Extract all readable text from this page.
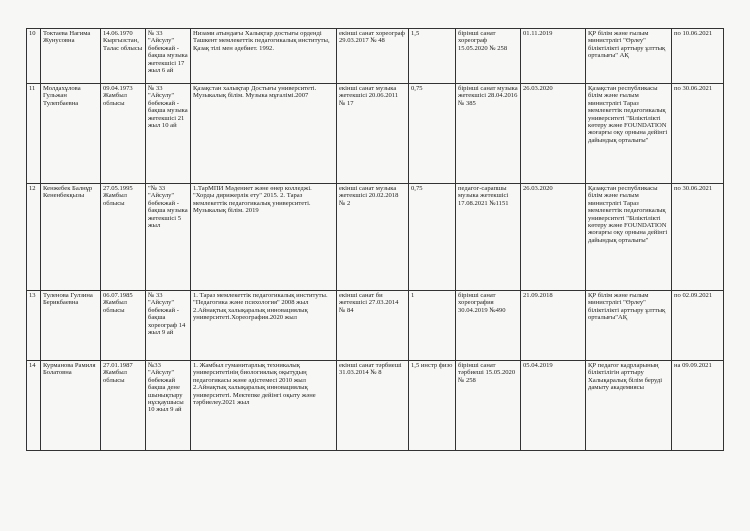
10	Токтаева Нагима Жунусовна	14.06.1970 Кыргызстан, Талас облысы	№ 33 "Айсулу" бөбекжай - бақша музыка жетекшісі 17 жыл 6 ай	Низами атындағы Халықтар достығы орденді Ташкент мемлекеттік педагогикалық институты, Қазақ тілі мен әдебиет. 1992.	екінші санат хореограф 29.03.2017 № 48	1,5	бірінші санат хореограф 15.05.2020 № 258	01.11.2019	ҚР білім және ғылым министрлігі "Өрлеу" біліктілікті арттыру ұлттық орталығы" АҚ	по 10.06.2021
11	Молдахұлова Гульжан Тулепбаевна	09.04.1973 Жамбыл облысы	№ 33 "Айсулу" бөбекжай - бақша музыка жетекшісі 21 жыл 10 ай	Қазақстан халықтар Достығы университеті. Музыкалық білім. Музыка мұғалімі.2007	екінші санат музыка жетекшісі 20.06.2011 № 17	0,75	бірінші санат музыка жетекшісі 28.04.2016 № 385	26.03.2020	Қазақстан республикасы білім және ғылым министрлігі Тараз мемлекеттік педагогикалық университеті "Біліктілікті көтеру және FOUNDATION жоғарғы оқу орнына дейінгі дайындық орталығы"	по 30.06.2021
12	Кенжебек Балнұр Кененбекқызы	27.05.1995 Жамбыл облысы	"№ 33 "Айсулу" бөбекжай - бақша музыка жетекшісі 5 жыл	1.ТарМПИ Мәдениет және өнер колледжі. "Хорды дирижерлік ету" 2015. 2. Тараз мемлекеттік педагогикалық университеті. Музыкалық білім. 2019	екінші санат музыка жетекшісі 20.02.2018 № 2	0,75	педагог-сарапшы музыка жетекшісі 17.08.2021 №1151	26.03.2020	Қазақстан республикасы білім және ғылым министрлігі Тараз мемлекеттік педагогикалық университеті "Біліктілікті көтеру және FOUNDATION жоғарғы оқу орнына дейінгі дайындық орталығы"	по 30.06.2021
13	Туленова Гулзина Берикбаевна	06.07.1985 Жамбыл облысы	№ 33 "Айсулу" бөбекжай - бақша хореограф 14 жыл 9 ай	1. Тараз мемлекеттік педагогикалық институты. "Педагогика және психология" 2008 жыл 2.Айнақтық халықаралық инновациялық университеті.Хореография.2020 жыл	екінші санат би жетекшісі 27.03.2014 № 84	1	бірінші санат хореография 30.04.2019 №490	21.09.2018	ҚР білім және ғылым министрлігі "Өрлеу" біліктілікті арттыру ұлттық орталығы"АҚ	по 02.09.2021
14	Курманова Рамиля Болатовна	27.01.1987 Жамбыл облысы	№33 "Айсулу" бөбекжай бақша дене шынықтыру нұсқаушысы 10 жыл 9 ай	1. Жамбыл гуманитарлық техникалық университетінің биологиялық оқытудың педагогикасы және әдістемесі 2010 жыл 2.Айнақтық халықаралық инновациялық университеті. Мектепке дейінгі оқыту және тәрбиелеу.2021 жыл	екінші санат тәрбиеші 31.03.2014 № 8	1,5 инстр физо	бірінші санат тәрбиеші 15.05.2020 № 258	05.04.2019	ҚР педагог кадрларының біліктілігін арттыру Халықаралық білім беруді дамыту академиясы	на 09.09.2021
